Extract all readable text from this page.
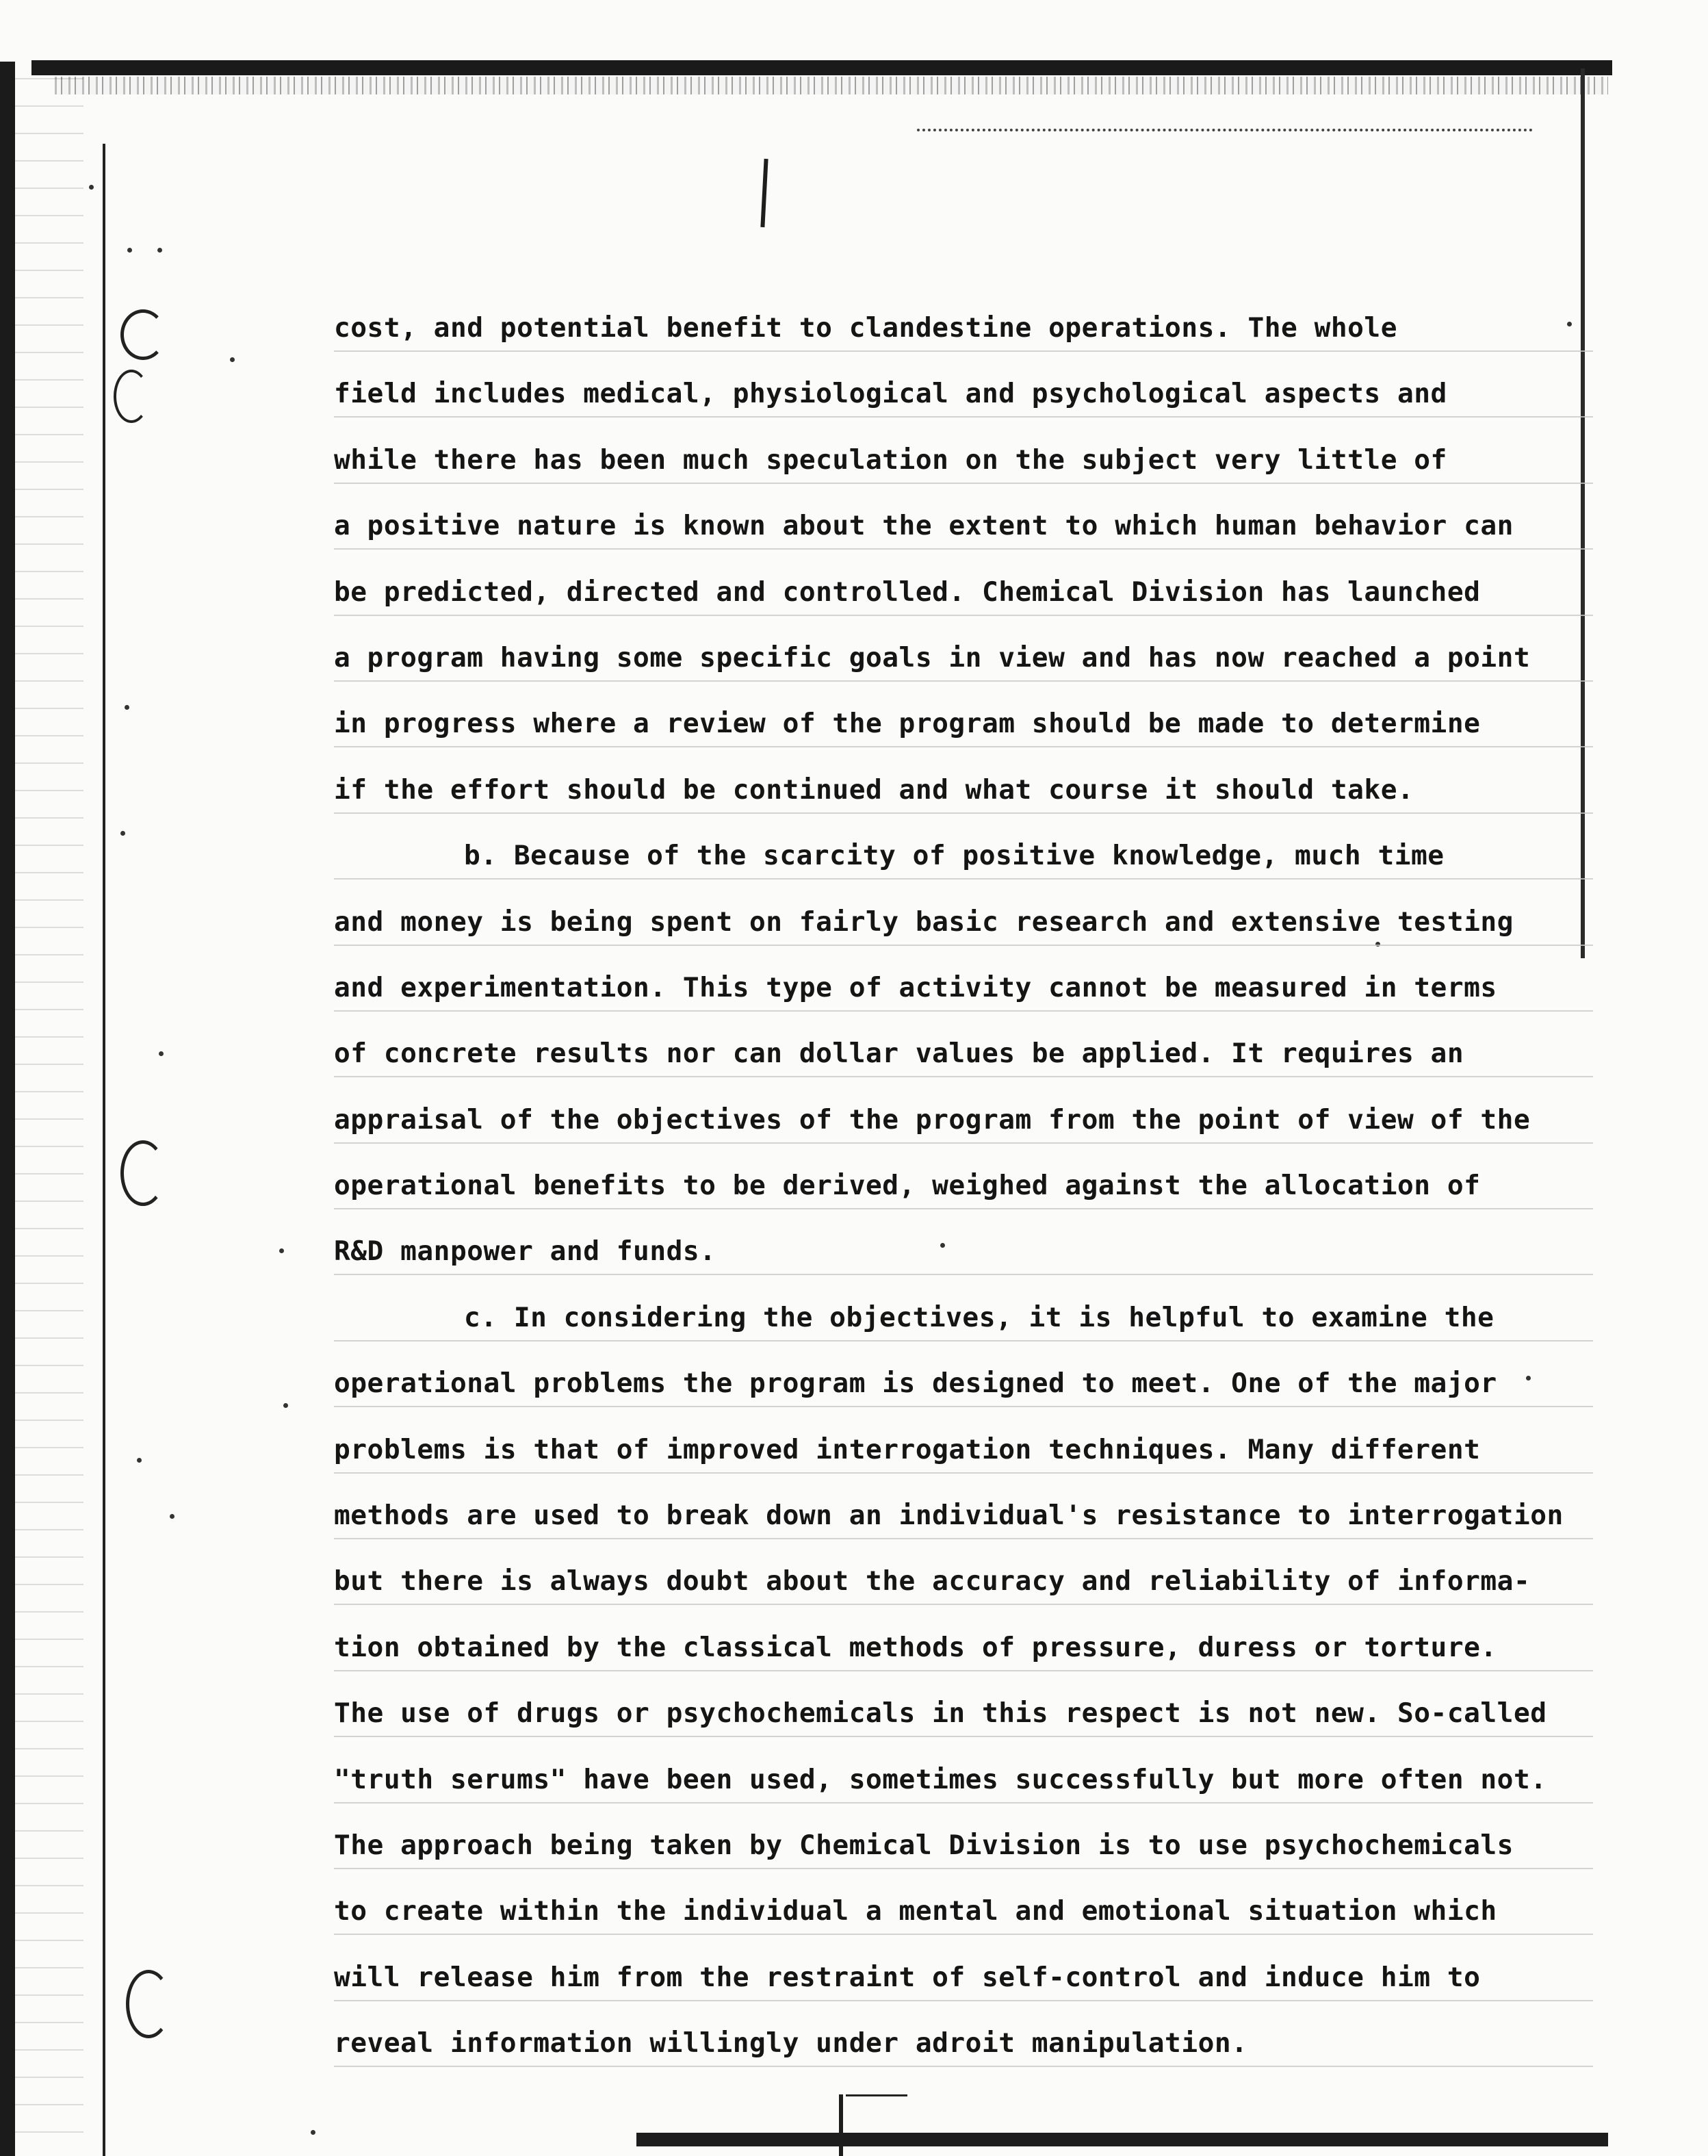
cost, and potential benefit to clandestine operations. The whole
field includes medical, physiological and psychological aspects and
while there has been much speculation on the subject very little of
a positive nature is known about the extent to which human behavior can
be predicted, directed and controlled. Chemical Division has launched
a program having some specific goals in view and has now reached a point
in progress where a review of the program should be made to determine
if the effort should be continued and what course it should take.
b. Because of the scarcity of positive knowledge, much time
and money is being spent on fairly basic research and extensive testing
and experimentation. This type of activity cannot be measured in terms
of concrete results nor can dollar values be applied. It requires an
appraisal of the objectives of the program from the point of view of the
operational benefits to be derived, weighed against the allocation of
R&D manpower and funds.
c. In considering the objectives, it is helpful to examine the
operational problems the program is designed to meet. One of the major
problems is that of improved interrogation techniques. Many different
methods are used to break down an individual's resistance to interrogation
but there is always doubt about the accuracy and reliability of informa-
tion obtained by the classical methods of pressure, duress or torture.
The use of drugs or psychochemicals in this respect is not new. So-called
"truth serums" have been used, sometimes successfully but more often not.
The approach being taken by Chemical Division is to use psychochemicals
to create within the individual a mental and emotional situation which
will release him from the restraint of self-control and induce him to
reveal information willingly under adroit manipulation.
